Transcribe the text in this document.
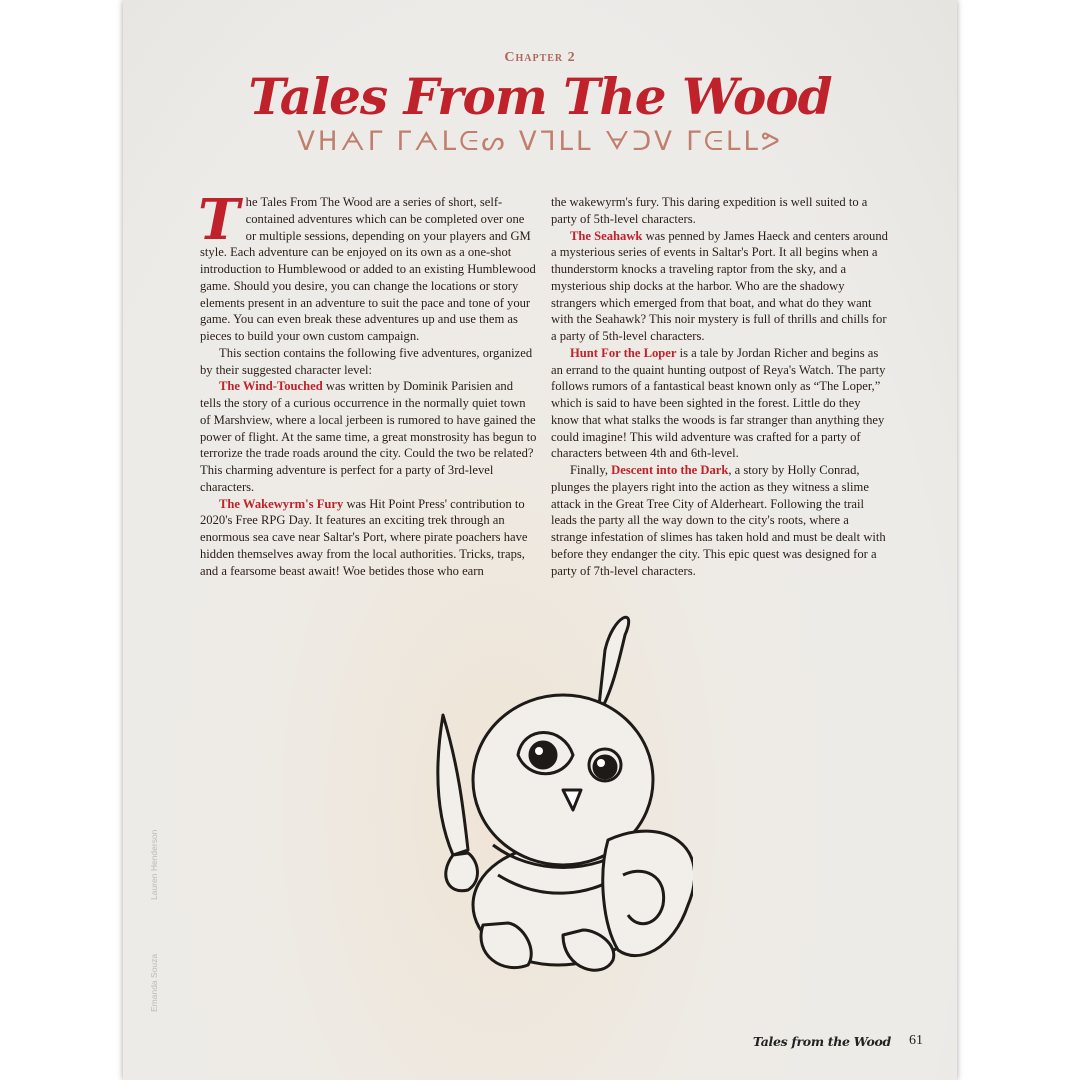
Chapter 2
Tales From The Wood
ᐯᕼᗅᒥ ᒥᗅᒪᕮᔕ ᐯᒣᒪᒪ ᗄᑐᐯ ᒥᕮᒪᒪᕗ

The Tales From The Wood are a series of short, self-contained adventures which can be completed over one or multiple sessions, depending on your players and GM style. Each adventure can be enjoyed on its own as a one-shot introduction to Humblewood or added to an existing Humblewood game. Should you desire, you can change the locations or story elements present in an adventure to suit the pace and tone of your game. You can even break these adventures up and use them as pieces to build your own custom campaign.

This section contains the following five adventures, organized by their suggested character level:

The Wind-Touched was written by Dominik Parisien and tells the story of a curious occurrence in the normally quiet town of Marshview, where a local jerbeen is rumored to have gained the power of flight. At the same time, a great monstrosity has begun to terrorize the trade roads around the city. Could the two be related? This charming adventure is perfect for a party of 3rd-level characters.

The Wakewyrm's Fury was Hit Point Press' contribution to 2020's Free RPG Day. It features an exciting trek through an enormous sea cave near Saltar's Port, where pirate poachers have hidden themselves away from the local authorities. Tricks, traps, and a fearsome beast await! Woe betides those who earn

the wakewyrm's fury. This daring expedition is well suited to a party of 5th-level characters.

The Seahawk was penned by James Haeck and centers around a mysterious series of events in Saltar's Port. It all begins when a thunderstorm knocks a traveling raptor from the sky, and a mysterious ship docks at the harbor. Who are the shadowy strangers which emerged from that boat, and what do they want with the Seahawk? This noir mystery is full of thrills and chills for a party of 5th-level characters.

Hunt For the Loper is a tale by Jordan Richer and begins as an errand to the quaint hunting outpost of Reya's Watch. The party follows rumors of a fantastical beast known only as “The Loper,” which is said to have been sighted in the forest. Little do they know that what stalks the woods is far stranger than anything they could imagine! This wild adventure was crafted for a party of characters between 4th and 6th-level.

Finally, Descent into the Dark, a story by Holly Conrad, plunges the players right into the action as they witness a slime attack in the Great Tree City of Alderheart. Following the trail leads the party all the way down to the city's roots, where a strange infestation of slimes has taken hold and must be dealt with before they endanger the city. This epic quest was designed for a party of 7th-level characters.

Lauren Henderson
Emanda Souza
Tales from the Wood 61
